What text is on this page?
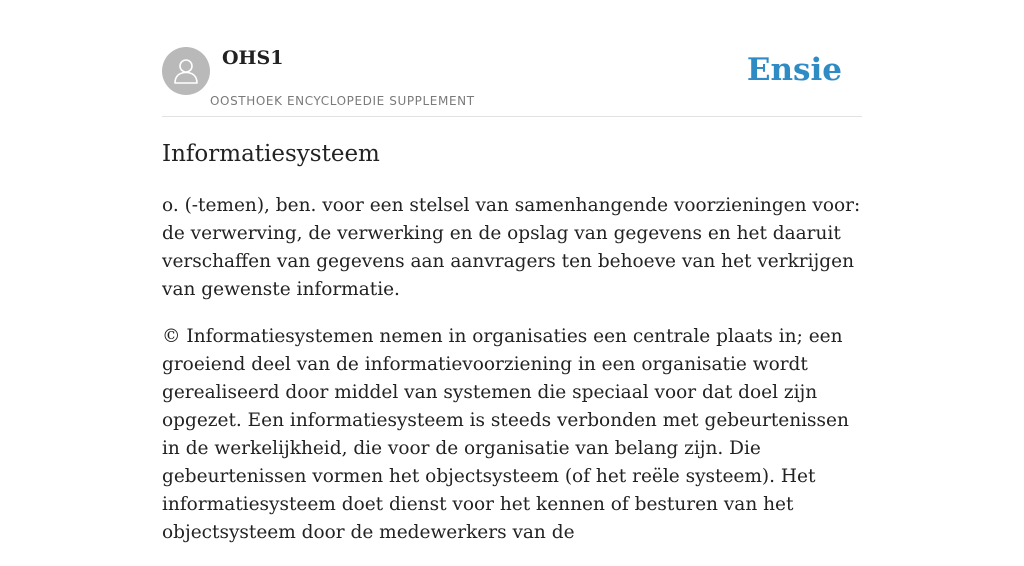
OHS1

OOSTHOEK ENCYCLOPEDIE SUPPLEMENT

Ensie
Informatiesysteem

o. (-temen), ben. voor een stelsel van samenhangende voorzieningen voor: de verwerving, de verwerking en de opslag van gegevens en het daaruit verschaffen van gegevens aan aanvragers ten behoeve van het verkrijgen van gewenste informatie.

© Informatiesystemen nemen in organisaties een centrale plaats in; een groeiend deel van de informatievoorziening in een organisatie wordt gerealiseerd door middel van systemen die speciaal voor dat doel zijn opgezet. Een informatiesysteem is steeds verbonden met gebeurtenissen in de werkelijkheid, die voor de organisatie van belang zijn. Die gebeurtenissen vormen het objectsysteem (of het reële systeem). Het informatiesysteem doet dienst voor het kennen of besturen van het objectsysteem door de medewerkers van de
